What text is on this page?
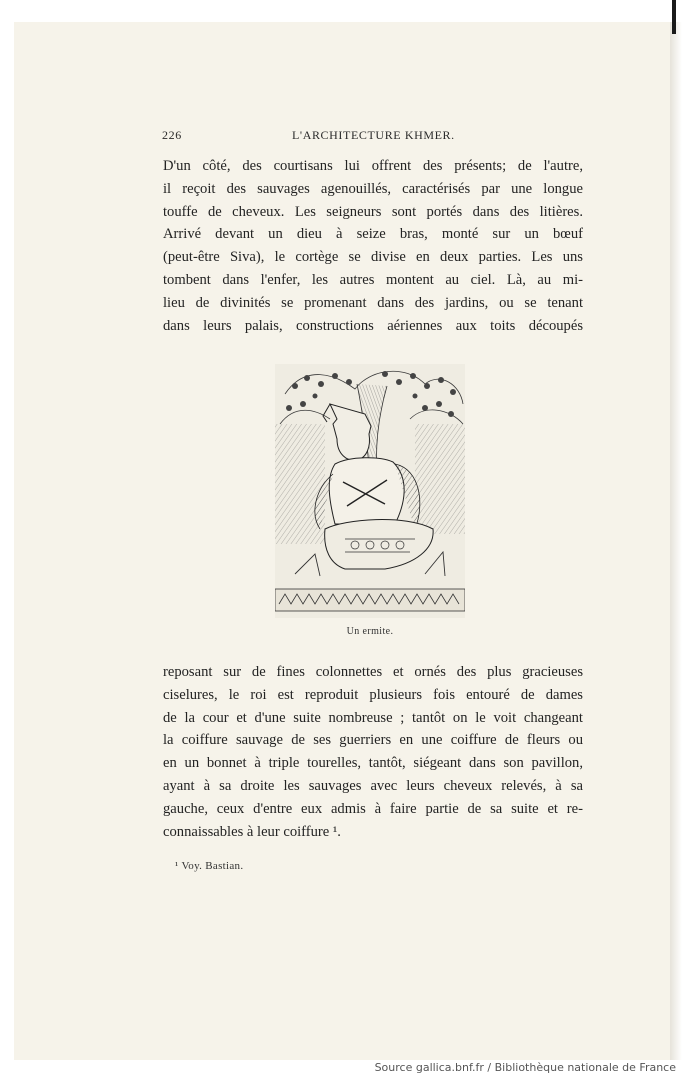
226	L'ARCHITECTURE KHMER.
D'un côté, des courtisans lui offrent des présents; de l'autre,
il reçoit des sauvages agenouillés, caractérisés par une longue
touffe de cheveux. Les seigneurs sont portés dans des litières.
Arrivé devant un dieu à seize bras, monté sur un bœuf
(peut-être Siva), le cortège se divise en deux parties. Les uns
tombent dans l'enfer, les autres montent au ciel. Là, au mi-
lieu de divinités se promenant dans des jardins, ou se tenant
dans leurs palais, constructions aériennes aux toits découpés
Un ermite.
reposant sur de fines colonnettes et ornés des plus gracieuses
ciselures, le roi est reproduit plusieurs fois entouré de dames
de la cour et d'une suite nombreuse ; tantôt on le voit changeant
la coiffure sauvage de ses guerriers en une coiffure de fleurs ou
en un bonnet à triple tourelles, tantôt, siégeant dans son pavillon,
ayant à sa droite les sauvages avec leurs cheveux relevés, à sa
gauche, ceux d'entre eux admis à faire partie de sa suite et re-
connaissables à leur coiffure ¹.
¹ Voy. Bastian.
Source gallica.bnf.fr / Bibliothèque nationale de France
